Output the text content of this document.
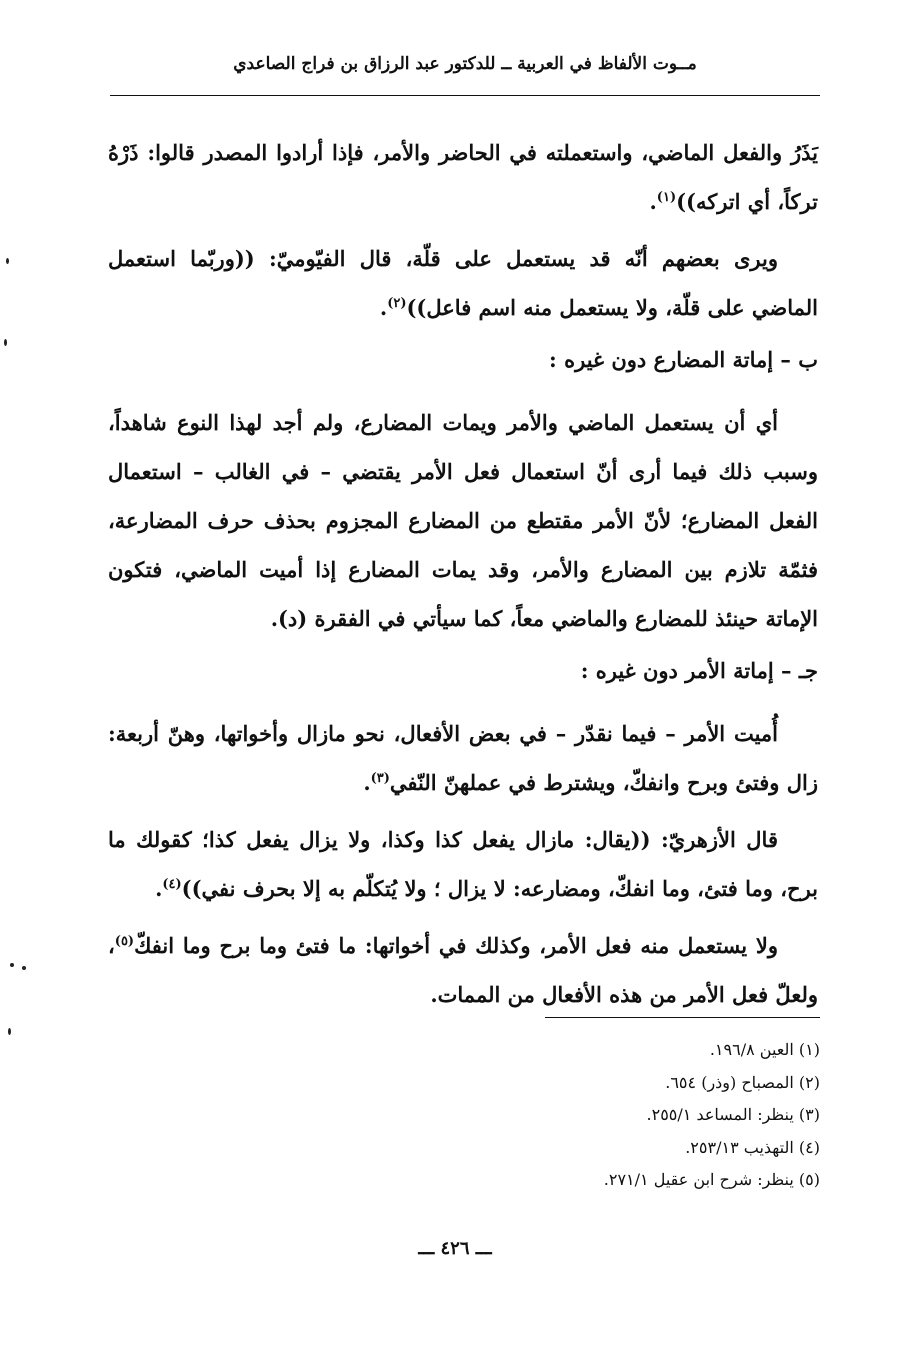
مــوت الألفاظ في العربية ــ للدكتور عبد الرزاق بن فراج الصاعدي

يَذَرُ والفعل الماضي، واستعملته في الحاضر والأمر، فإذا أرادوا المصدر قالوا: ذَرْهُ تركاً، أي اتركه))$^{(١)}$.

ويرى بعضهم أنّه قد يستعمل على قلّة، قال الفيّوميّ: ((وربّما استعمل الماضي على قلّة، ولا يستعمل منه اسم فاعل))$^{(٢)}$.

ب – إماتة المضارع دون غيره :

أي أن يستعمل الماضي والأمر ويمات المضارع، ولم أجد لهذا النوع شاهداً، وسبب ذلك فيما أرى أنّ استعمال فعل الأمر يقتضي – في الغالب – استعمال الفعل المضارع؛ لأنّ الأمر مقتطع من المضارع المجزوم بحذف حرف المضارعة، فثمّة تلازم بين المضارع والأمر، وقد يمات المضارع إذا أميت الماضي، فتكون الإماتة حينئذ للمضارع والماضي معاً، كما سيأتي في الفقرة (د).

جـ – إماتة الأمر دون غيره :

أُميت الأمر – فيما نقدّر – في بعض الأفعال، نحو مازال وأخواتها، وهنّ أربعة: زال وفتئ وبرح وانفكّ، ويشترط في عملهنّ النّفي$^{(٣)}$.

قال الأزهريّ: ((يقال: مازال يفعل كذا وكذا، ولا يزال يفعل كذا؛ كقولك ما برح، وما فتئ، وما انفكّ، ومضارعه: لا يزال ؛ ولا يُتكلّم به إلا بحرف نفي))$^{(٤)}$.

ولا يستعمل منه فعل الأمر، وكذلك في أخواتها: ما فتئ وما برح وما انفكّ$^{(٥)}$، ولعلّ فعل الأمر من هذه الأفعال من الممات.

(١) العين ١٩٦/٨.
(٢) المصباح (وذر) ٦٥٤.
(٣) ينظر: المساعد ٢٥٥/١.
(٤) التهذيب ٢٥٣/١٣.
(٥) ينظر: شرح ابن عقيل ٢٧١/١.
ـــ ٤٢٦ ـــ
